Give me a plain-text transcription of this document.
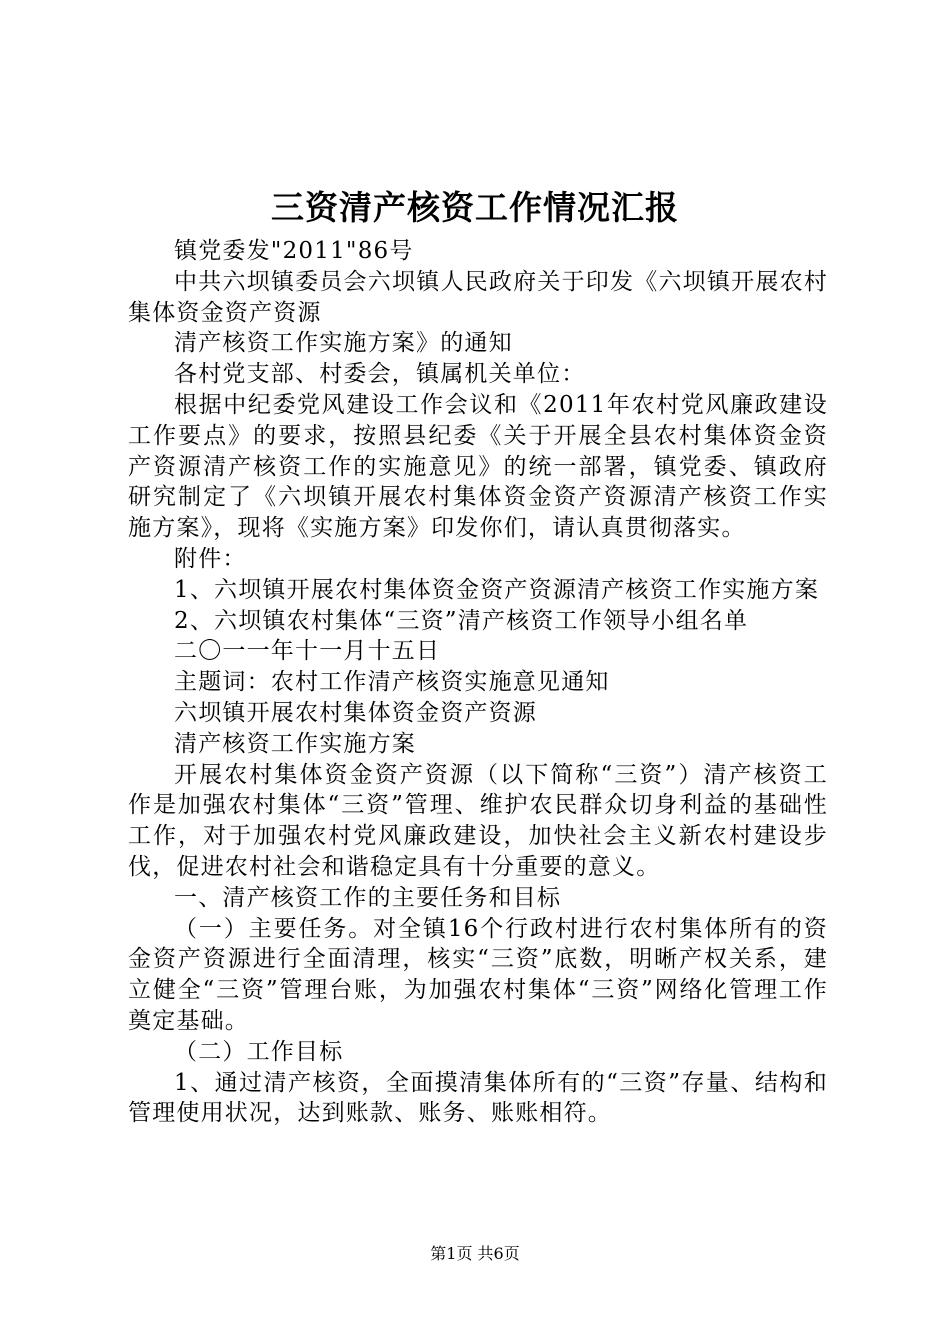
三资清产核资工作情况汇报

镇党委发"2011"86号

中共六坝镇委员会六坝镇人民政府关于印发《六坝镇开展农村集体资金资产资源

清产核资工作实施方案》的通知

各村党支部、村委会，镇属机关单位：

根据中纪委党风建设工作会议和《2011年农村党风廉政建设工作要点》的要求，按照县纪委《关于开展全县农村集体资金资产资源清产核资工作的实施意见》的统一部署，镇党委、镇政府研究制定了《六坝镇开展农村集体资金资产资源清产核资工作实施方案》，现将《实施方案》印发你们，请认真贯彻落实。

附件：

1、六坝镇开展农村集体资金资产资源清产核资工作实施方案

2、六坝镇农村集体“三资”清产核资工作领导小组名单

二〇一一年十一月十五日

主题词：农村工作清产核资实施意见通知

六坝镇开展农村集体资金资产资源

清产核资工作实施方案

开展农村集体资金资产资源（以下简称“三资”）清产核资工作是加强农村集体“三资”管理、维护农民群众切身利益的基础性工作，对于加强农村党风廉政建设，加快社会主义新农村建设步伐，促进农村社会和谐稳定具有十分重要的意义。

一、清产核资工作的主要任务和目标

（一）主要任务。对全镇16个行政村进行农村集体所有的资金资产资源进行全面清理，核实“三资”底数，明晰产权关系，建立健全“三资”管理台账，为加强农村集体“三资”网络化管理工作奠定基础。

（二）工作目标

1、通过清产核资，全面摸清集体所有的“三资”存量、结构和管理使用状况，达到账款、账务、账账相符。

第1页 共6页
